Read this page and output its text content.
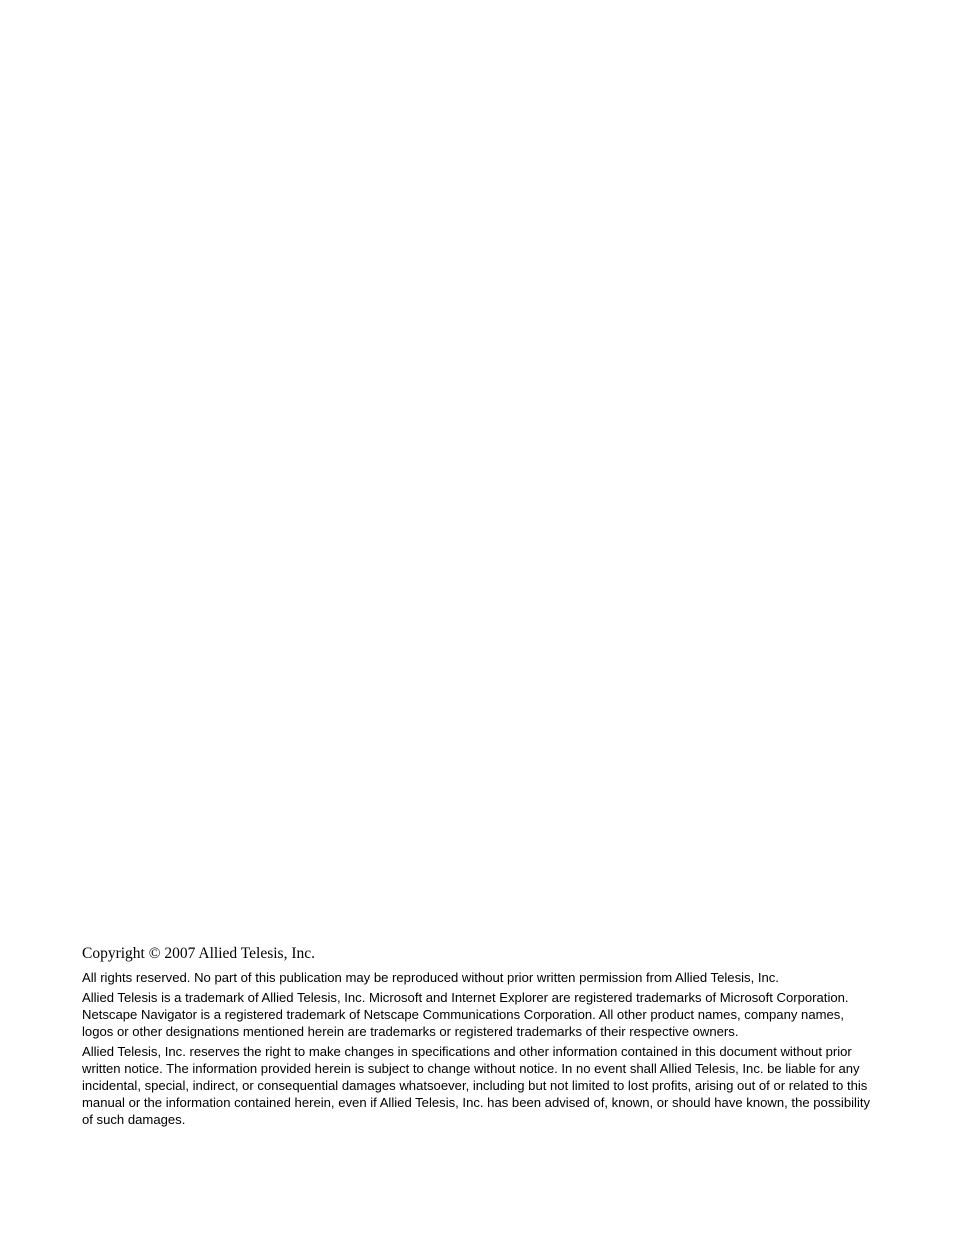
Copyright © 2007 Allied Telesis, Inc.

All rights reserved. No part of this publication may be reproduced without prior written permission from Allied Telesis, Inc.

Allied Telesis is a trademark of Allied Telesis, Inc. Microsoft and Internet Explorer are registered trademarks of Microsoft Corporation. Netscape Navigator is a registered trademark of Netscape Communications Corporation. All other product names, company names, logos or other designations mentioned herein are trademarks or registered trademarks of their respective owners.

Allied Telesis, Inc. reserves the right to make changes in specifications and other information contained in this document without prior written notice. The information provided herein is subject to change without notice. In no event shall Allied Telesis, Inc. be liable for any incidental, special, indirect, or consequential damages whatsoever, including but not limited to lost profits, arising out of or related to this manual or the information contained herein, even if Allied Telesis, Inc. has been advised of, known, or should have known, the possibility of such damages.
